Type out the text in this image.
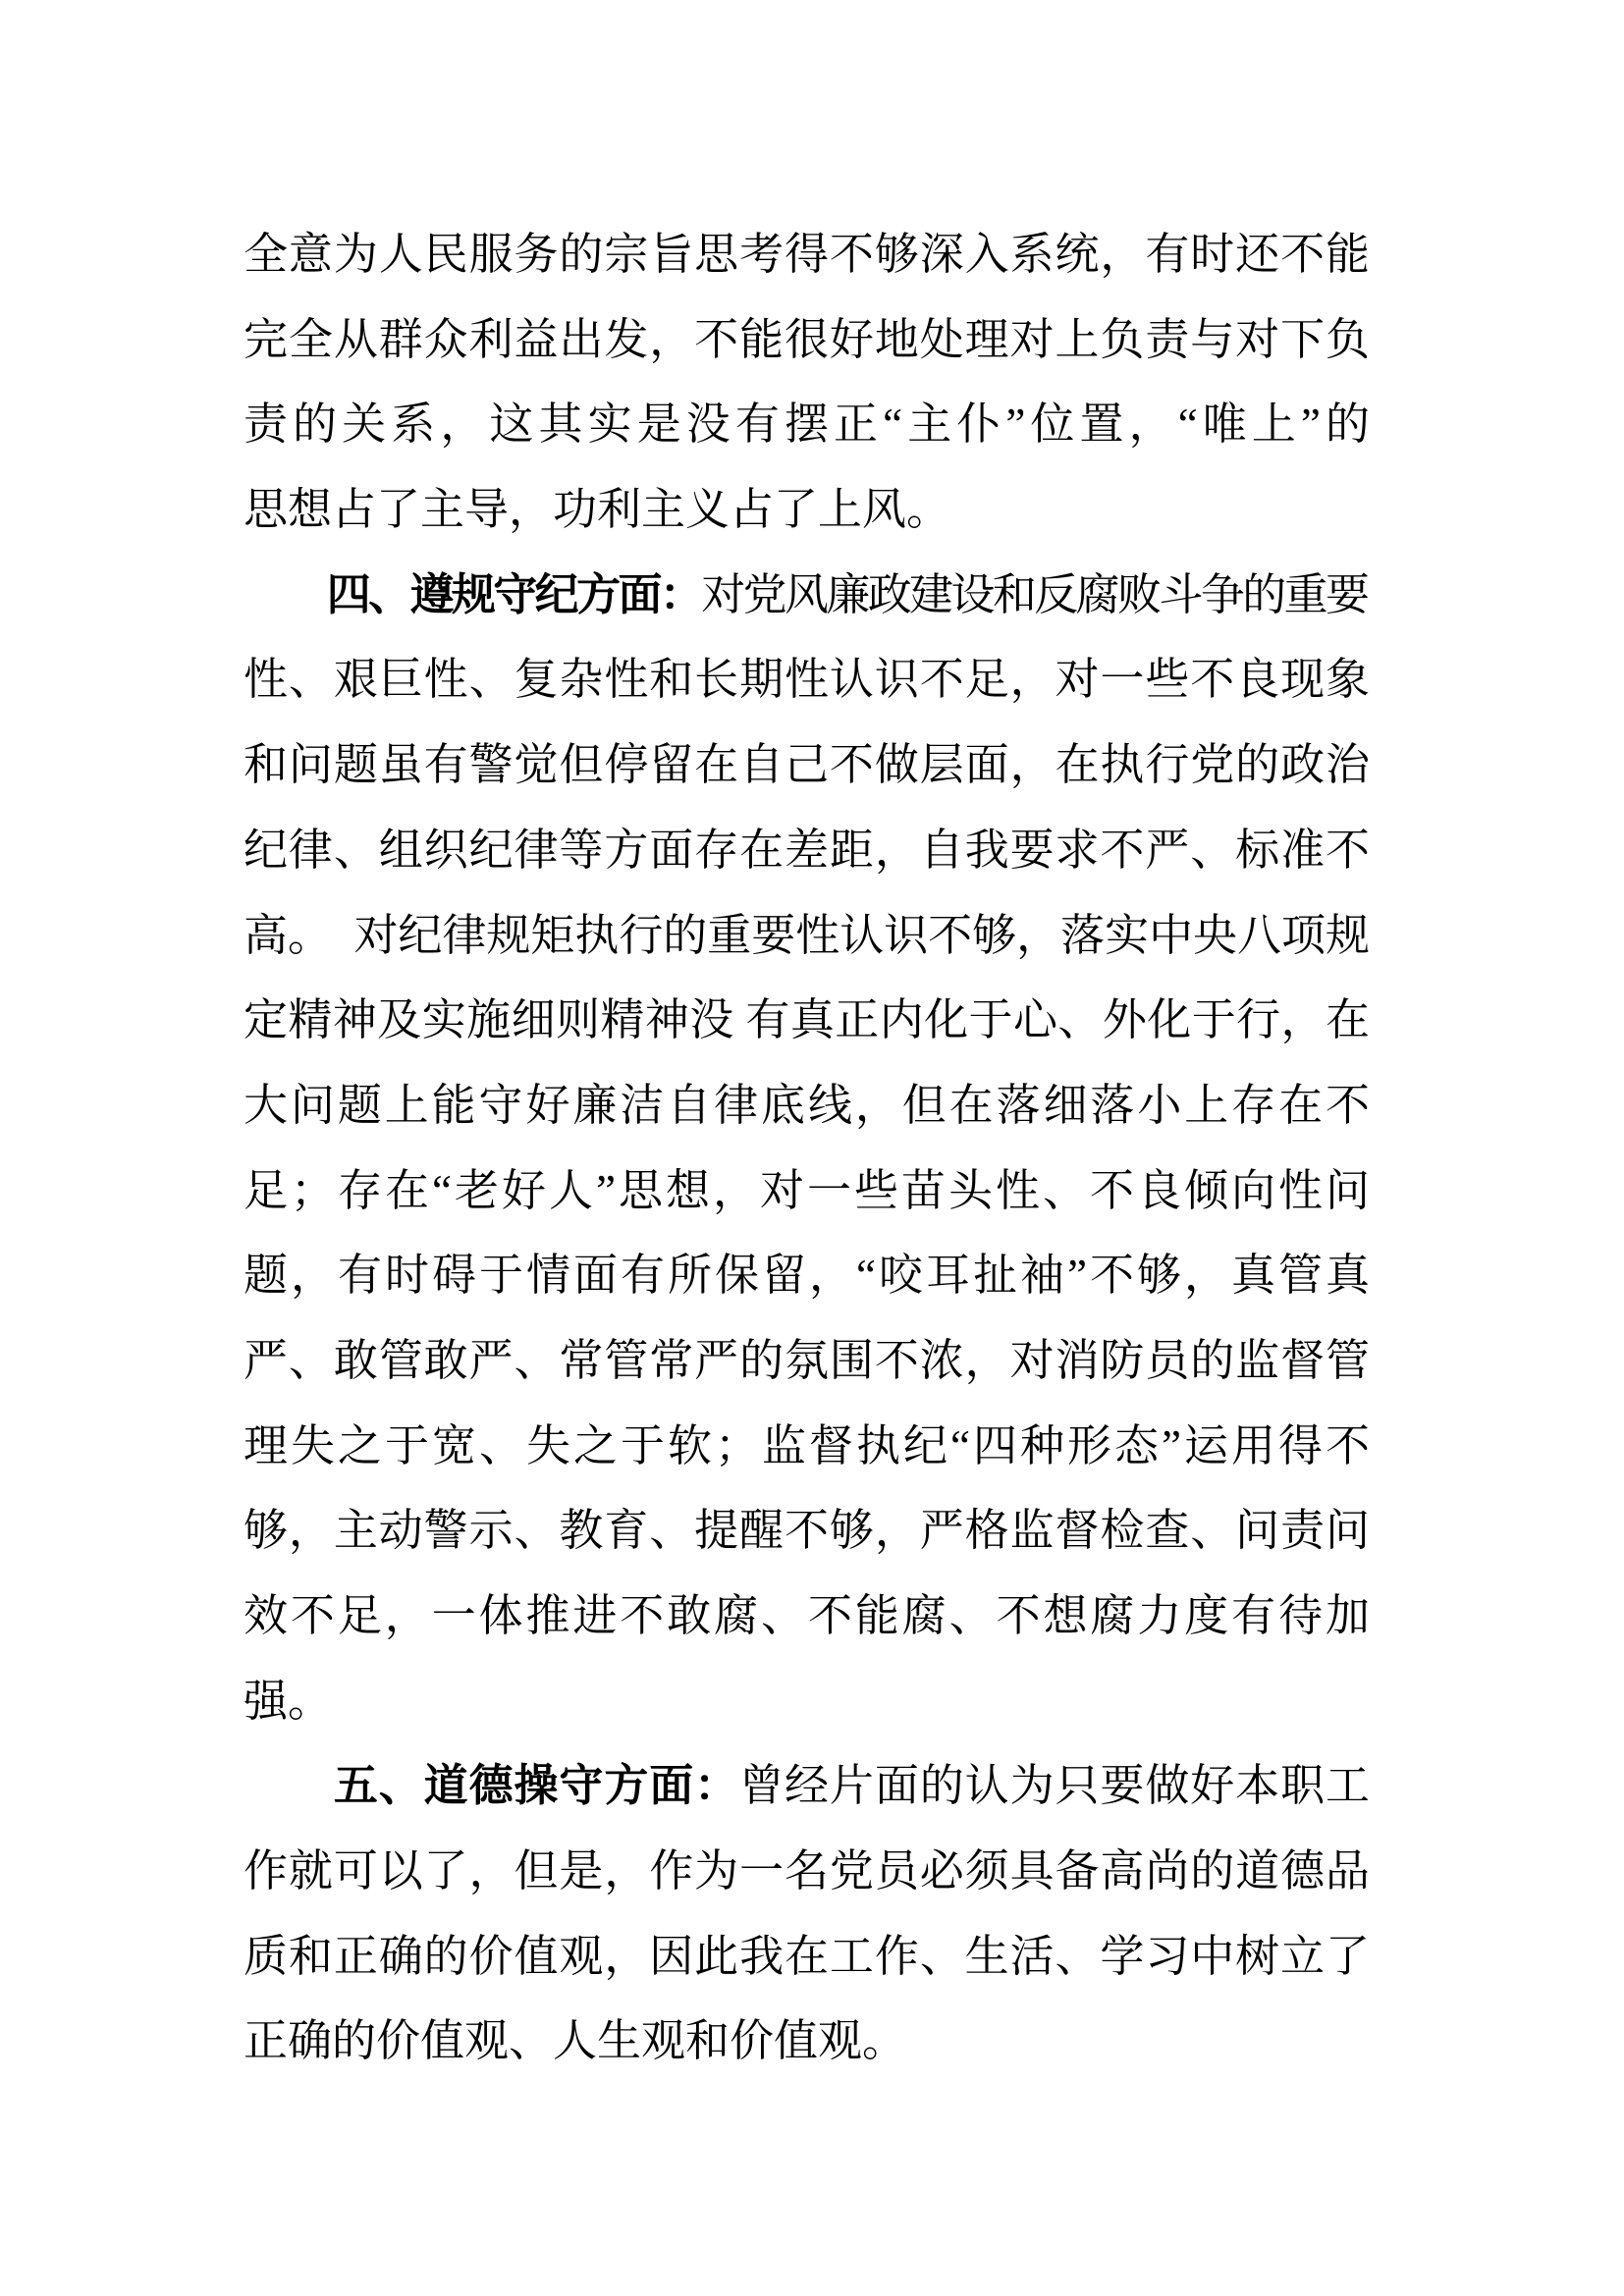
全意为人民服务的宗旨思考得不够深入系统，有时还不能
完全从群众利益出发，不能很好地处理对上负责与对下负
责的关系，这其实是没有摆正“主仆”位置，“唯上”的
思想占了主导，功利主义占了上风。
　　四、遵规守纪方面：对党风廉政建设和反腐败斗争的重要
性、艰巨性、复杂性和长期性认识不足，对一些不良现象
和问题虽有警觉但停留在自己不做层面，在执行党的政治
纪律、组织纪律等方面存在差距，自我要求不严、标准不
高。　对纪律规矩执行的重要性认识不够，落实中央八项规
定精神及实施细则精神没 有真正内化于心、外化于行，在
大问题上能守好廉洁自律底线，但在落细落小上存在不
足；存在“老好人”思想，对一些苗头性、不良倾向性问
题，有时碍于情面有所保留，“咬耳扯袖”不够，真管真
严、敢管敢严、常管常严的氛围不浓，对消防员的监督管
理失之于宽、失之于软；监督执纪“四种形态”运用得不
够，主动警示、教育、提醒不够，严格监督检查、问责问
效不足，一体推进不敢腐、不能腐、不想腐力度有待加
强。
　　五、道德操守方面：曾经片面的认为只要做好本职工
作就可以了，但是，作为一名党员必须具备高尚的道德品
质和正确的价值观，因此我在工作、生活、学习中树立了
正确的价值观、人生观和价值观。
